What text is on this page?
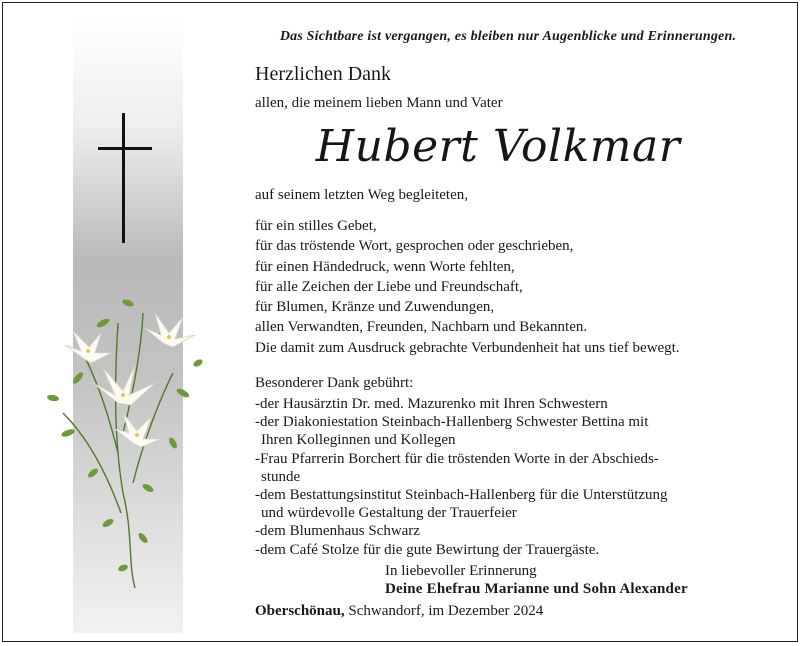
Das Sichtbare ist vergangen, es bleiben nur Augenblicke und Erinnerungen.
Herzlichen Dank
allen, die meinem lieben Mann und Vater
Hubert Volkmar
auf seinem letzten Weg begleiteten,
für ein stilles Gebet,
für das tröstende Wort, gesprochen oder geschrieben,
für einen Händedruck, wenn Worte fehlten,
für alle Zeichen der Liebe und Freundschaft,
für Blumen, Kränze und Zuwendungen,
allen Verwandten, Freunden, Nachbarn und Bekannten.
Die damit zum Ausdruck gebrachte Verbundenheit hat uns tief bewegt.
Besonderer Dank gebührt:
-der Hausärztin Dr. med. Mazurenko mit Ihren Schwestern
-der Diakoniestation Steinbach-Hallenberg Schwester Bettina mit
Ihren Kolleginnen und Kollegen
-Frau Pfarrerin Borchert für die tröstenden Worte in der Abschieds-
stunde
-dem Bestattungsinstitut Steinbach-Hallenberg für die Unterstützung
und würdevolle Gestaltung der Trauerfeier
-dem Blumenhaus Schwarz
-dem Café Stolze für die gute Bewirtung der Trauergäste.
In liebevoller Erinnerung
Deine Ehefrau Marianne und Sohn Alexander
Oberschönau, Schwandorf, im Dezember 2024
